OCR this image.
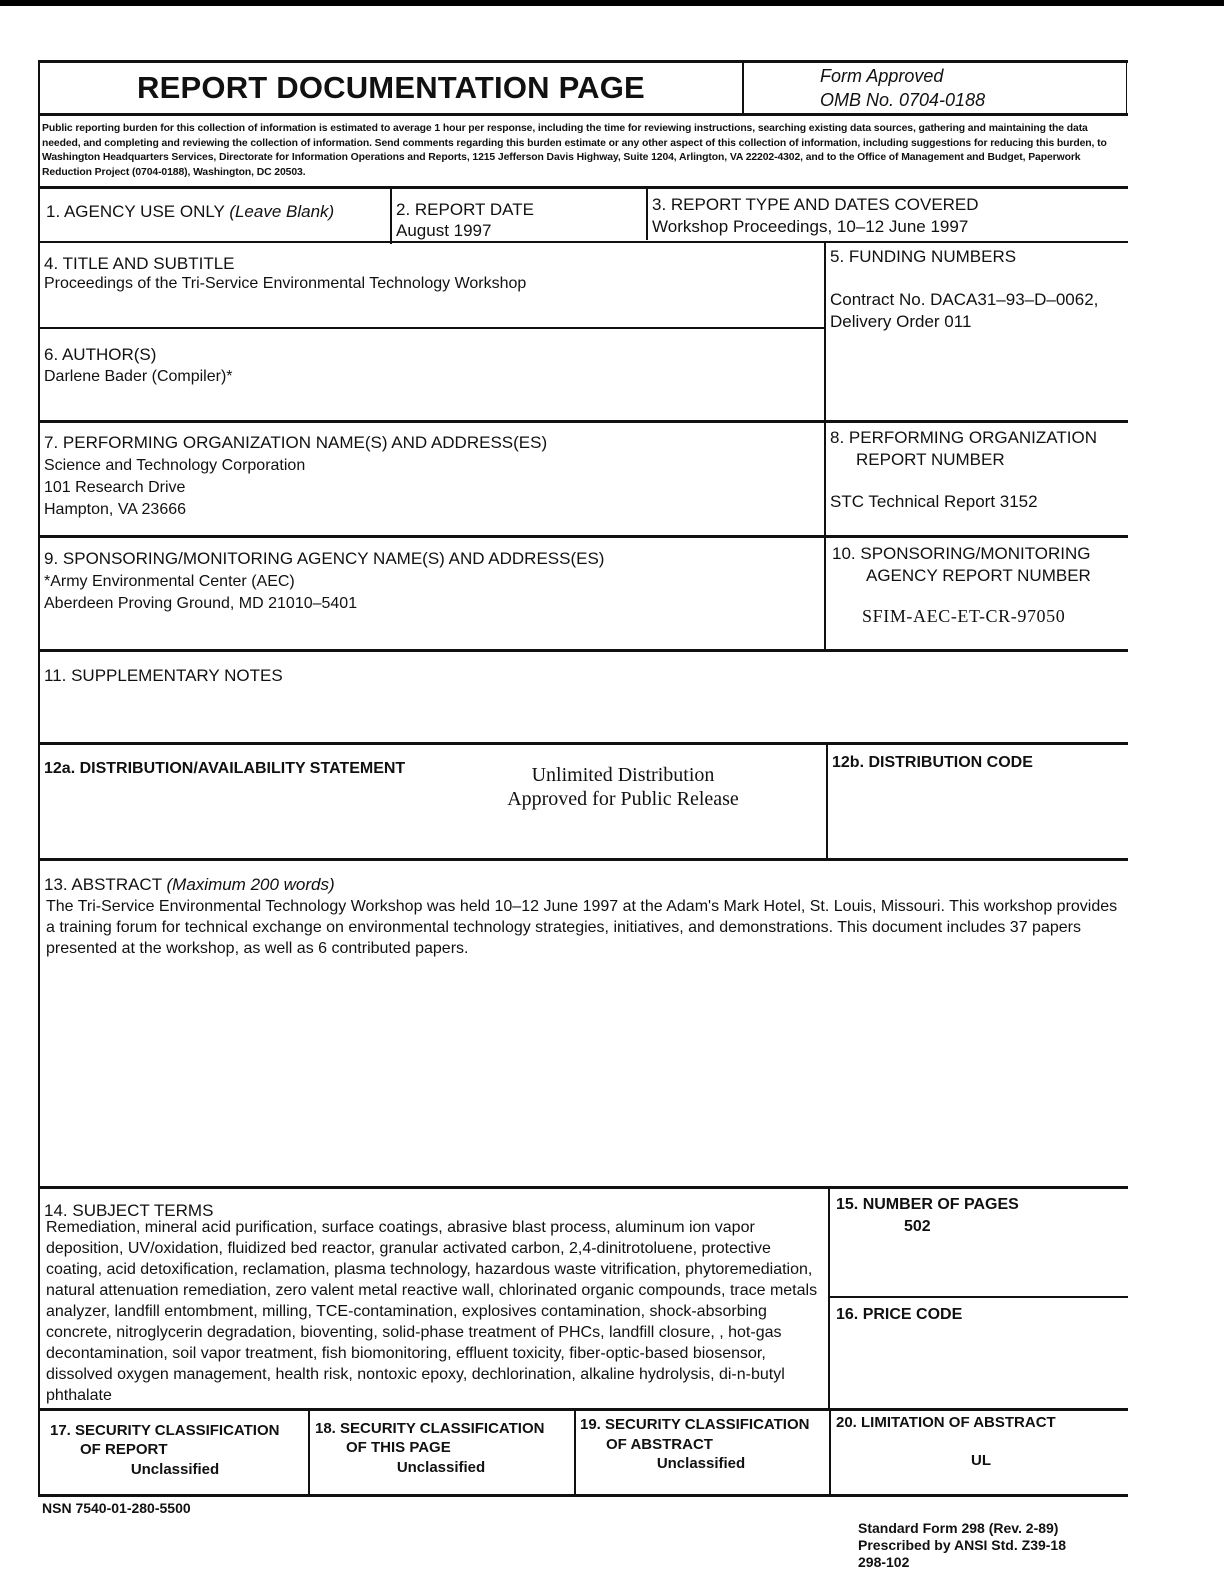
REPORT DOCUMENTATION PAGE	Form Approved
OMB No. 0704-0188
Public reporting burden for this collection of information is estimated to average 1 hour per response, including the time for reviewing instructions, searching existing data sources, gathering and maintaining the data needed, and completing and reviewing the collection of information. Send comments regarding this burden estimate or any other aspect of this collection of information, including suggestions for reducing this burden, to Washington Headquarters Services, Directorate for Information Operations and Reports, 1215 Jefferson Davis Highway, Suite 1204, Arlington, VA 22202-4302, and to the Office of Management and Budget, Paperwork Reduction Project (0704-0188), Washington, DC 20503.
1. AGENCY USE ONLY (Leave Blank)	2. REPORT DATE
August 1997
3. REPORT TYPE AND DATES COVERED
Workshop Proceedings, 10–12 June 1997
4. TITLE AND SUBTITLE
Proceedings of the Tri-Service Environmental Technology Workshop
5. FUNDING NUMBERS
Contract No. DACA31–93–D–0062,
Delivery Order 011
6. AUTHOR(S)
Darlene Bader (Compiler)*
7. PERFORMING ORGANIZATION NAME(S) AND ADDRESS(ES)
Science and Technology Corporation
101 Research Drive
Hampton, VA 23666
8. PERFORMING ORGANIZATION
REPORT NUMBER
STC Technical Report 3152
9. SPONSORING/MONITORING AGENCY NAME(S) AND ADDRESS(ES)
*Army Environmental Center (AEC)
Aberdeen Proving Ground, MD 21010–5401
10. SPONSORING/MONITORING
AGENCY REPORT NUMBER
SFIM-AEC-ET-CR-97050
11. SUPPLEMENTARY NOTES
12a. DISTRIBUTION/AVAILABILITY STATEMENT	Unlimited Distribution
Approved for Public Release
12b. DISTRIBUTION CODE
13. ABSTRACT (Maximum 200 words)
The Tri-Service Environmental Technology Workshop was held 10–12 June 1997 at the Adam's Mark Hotel, St. Louis, Missouri. This workshop provides a training forum for technical exchange on environmental technology strategies, initiatives, and demonstrations. This document includes 37 papers presented at the workshop, as well as 6 contributed papers.
14. SUBJECT TERMS
Remediation, mineral acid purification, surface coatings, abrasive blast process, aluminum ion vapor deposition, UV/oxidation, fluidized bed reactor, granular activated carbon, 2,4-dinitrotoluene, protective coating, acid detoxification, reclamation, plasma technology, hazardous waste vitrification, phytoremediation, natural attenuation remediation, zero valent metal reactive wall, chlorinated organic compounds, trace metals analyzer, landfill entombment, milling, TCE-contamination, explosives contamination, shock-absorbing concrete, nitroglycerin degradation, bioventing, solid-phase treatment of PHCs, landfill closure, , hot-gas decontamination, soil vapor treatment, fish biomonitoring, effluent toxicity, fiber-optic-based biosensor, dissolved oxygen management, health risk, nontoxic epoxy, dechlorination, alkaline hydrolysis, di-n-butyl phthalate
15. NUMBER OF PAGES
502
16. PRICE CODE
17. SECURITY CLASSIFICATION
OF REPORT
Unclassified
18. SECURITY CLASSIFICATION
OF THIS PAGE
Unclassified
19. SECURITY CLASSIFICATION
OF ABSTRACT
Unclassified
20. LIMITATION OF ABSTRACT
UL
NSN 7540-01-280-5500
Standard Form 298 (Rev. 2-89)
Prescribed by ANSI Std. Z39-18
298-102
